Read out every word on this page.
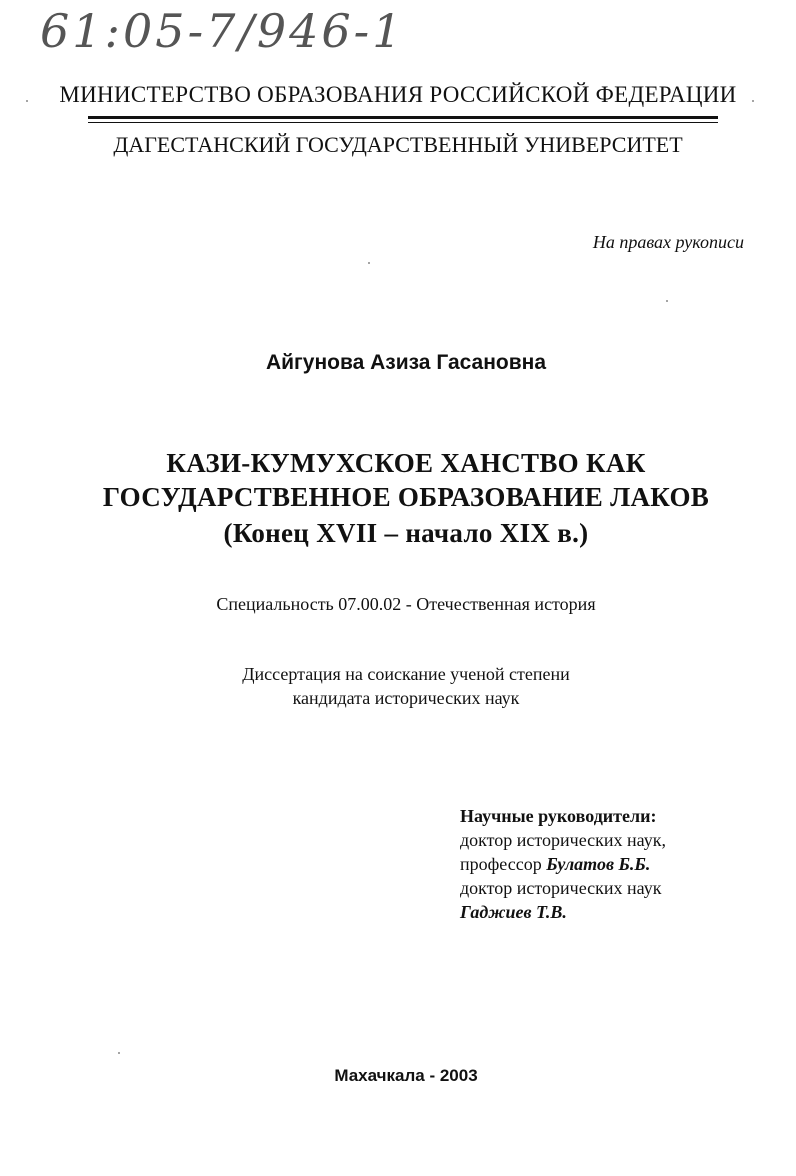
61:05-7/946-1
МИНИСТЕРСТВО ОБРАЗОВАНИЯ РОССИЙСКОЙ ФЕДЕРАЦИИ
ДАГЕСТАНСКИЙ ГОСУДАРСТВЕННЫЙ УНИВЕРСИТЕТ
На правах рукописи
Айгунова Азиза Гасановна
КАЗИ-КУМУХСКОЕ ХАНСТВО КАК
ГОСУДАРСТВЕННОЕ ОБРАЗОВАНИЕ ЛАКОВ
(Конец XVII – начало XIX в.)
Специальность 07.00.02 - Отечественная история
Диссертация на соискание ученой степени
кандидата исторических наук
Научные руководители:
доктор исторических наук,
профессор Булатов Б.Б.
доктор исторических наук
Гаджиев Т.В.
Махачкала - 2003
